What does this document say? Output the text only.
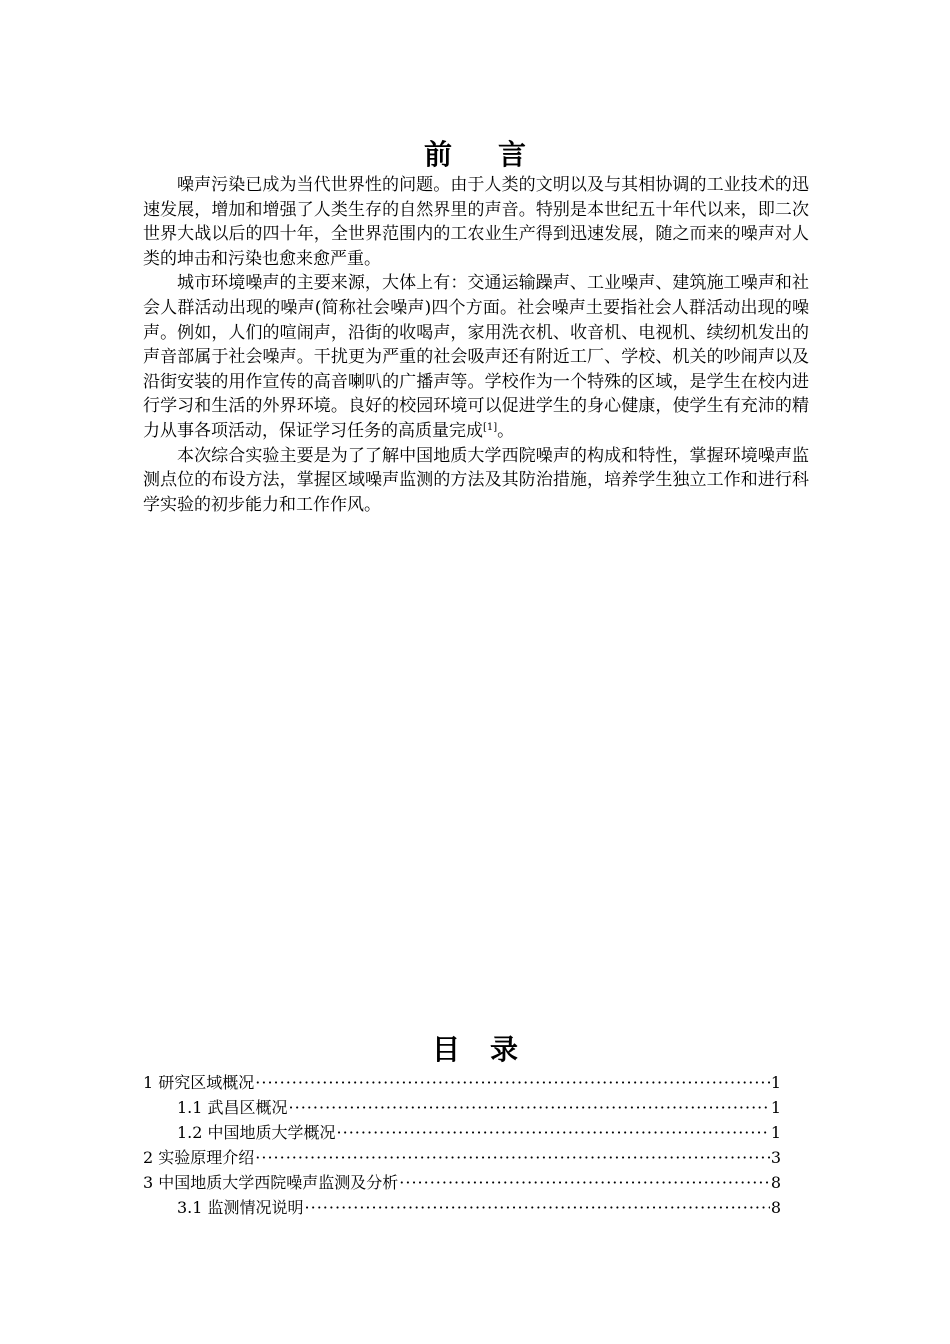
前 言

噪声污染已成为当代世界性的问题。由于人类的文明以及与其相协调的工业技术的迅速发展，增加和增强了人类生存的自然界里的声音。特别是本世纪五十年代以来，即二次世界大战以后的四十年，全世界范围内的工农业生产得到迅速发展，随之而来的噪声对人类的坤击和污染也愈来愈严重。

城市环境噪声的主要来源，大体上有：交通运输躁声、工业噪声、建筑施工噪声和社会人群活动出现的噪声(简称社会噪声)四个方面。社会噪声土要指社会人群活动出现的噪声。例如，人们的喧闹声，沿街的收喝声，家用洗衣机、收音机、电视机、续纫机发出的声音部属于社会噪声。干扰更为严重的社会吸声还有附近工厂、学校、机关的吵闹声以及沿街安装的用作宣传的高音喇叭的广播声等。学校作为一个特殊的区域，是学生在校内进行学习和生活的外界环境。良好的校园环境可以促进学生的身心健康，使学生有充沛的精力从事各项活动，保证学习任务的高质量完成[1]。

本次综合实验主要是为了了解中国地质大学西院噪声的构成和特性，掌握环境噪声监测点位的布设方法，掌握区域噪声监测的方法及其防治措施，培养学生独立工作和进行科学实验的初步能力和工作作风。

目 录
1 研究区域概况 ·····	1
1.1 武昌区概况 ·····	1
1.2 中国地质大学概况 ·····	1
2 实验原理介绍 ·····	3
3 中国地质大学西院噪声监测及分析 ·····	8
3.1 监测情况说明 ·····	8
